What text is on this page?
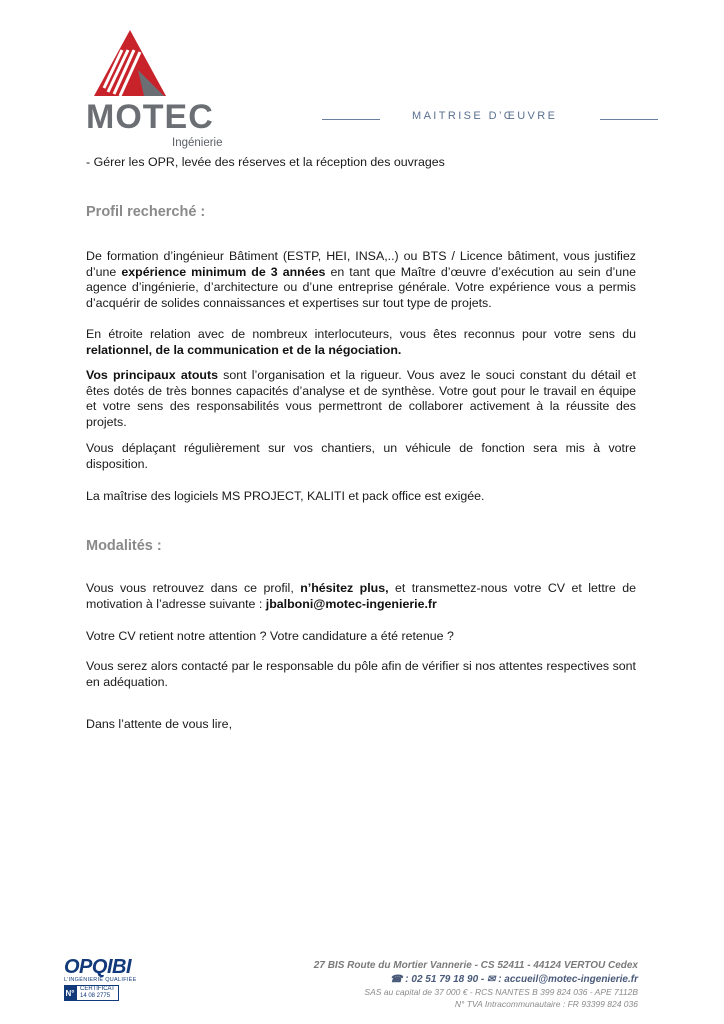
MOTEC
Ingénierie
MAITRISE D’ŒUVRE

- Gérer les OPR, levée des réserves et la réception des ouvrages

Profil recherché :

De formation d’ingénieur Bâtiment (ESTP, HEI, INSA,..) ou BTS / Licence bâtiment, vous justifiez d’une expérience minimum de 3 années en tant que Maître d’œuvre d’exécution au sein d’une agence d’ingénierie, d’architecture ou d’une entreprise générale. Votre expérience vous a permis d’acquérir de solides connaissances et expertises sur tout type de projets.

En étroite relation avec de nombreux interlocuteurs, vous êtes reconnus pour votre sens du relationnel, de la communication et de la négociation.

Vos principaux atouts sont l’organisation et la rigueur. Vous avez le souci constant du détail et êtes dotés de très bonnes capacités d’analyse et de synthèse. Votre gout pour le travail en équipe et votre sens des responsabilités vous permettront de collaborer activement à la réussite des projets.

Vous déplaçant régulièrement sur vos chantiers, un véhicule de fonction sera mis à votre disposition.

La maîtrise des logiciels MS PROJECT, KALITI et pack office est exigée.

Modalités :

Vous vous retrouvez dans ce profil, n’hésitez plus, et transmettez-nous votre CV et lettre de motivation à l’adresse suivante : jbalboni@motec-ingenierie.fr

Votre CV retient notre attention ? Votre candidature a été retenue ?

Vous serez alors contacté par le responsable du pôle afin de vérifier si nos attentes respectives sont en adéquation.

Dans l’attente de vous lire,

OPQIBI
L’INGÉNIERIE QUALIFIÉE
N° CERTIFICAT
14 08 2775
27 BIS Route du Mortier Vannerie - CS 52411 - 44124 VERTOU Cedex
☎ : 02 51 79 18 90 - ✉ : accueil@motec-ingenierie.fr
SAS au capital de 37 000 € - RCS NANTES B 399 824 036 - APE 7112B
N° TVA Intracommunautaire : FR 93399 824 036
